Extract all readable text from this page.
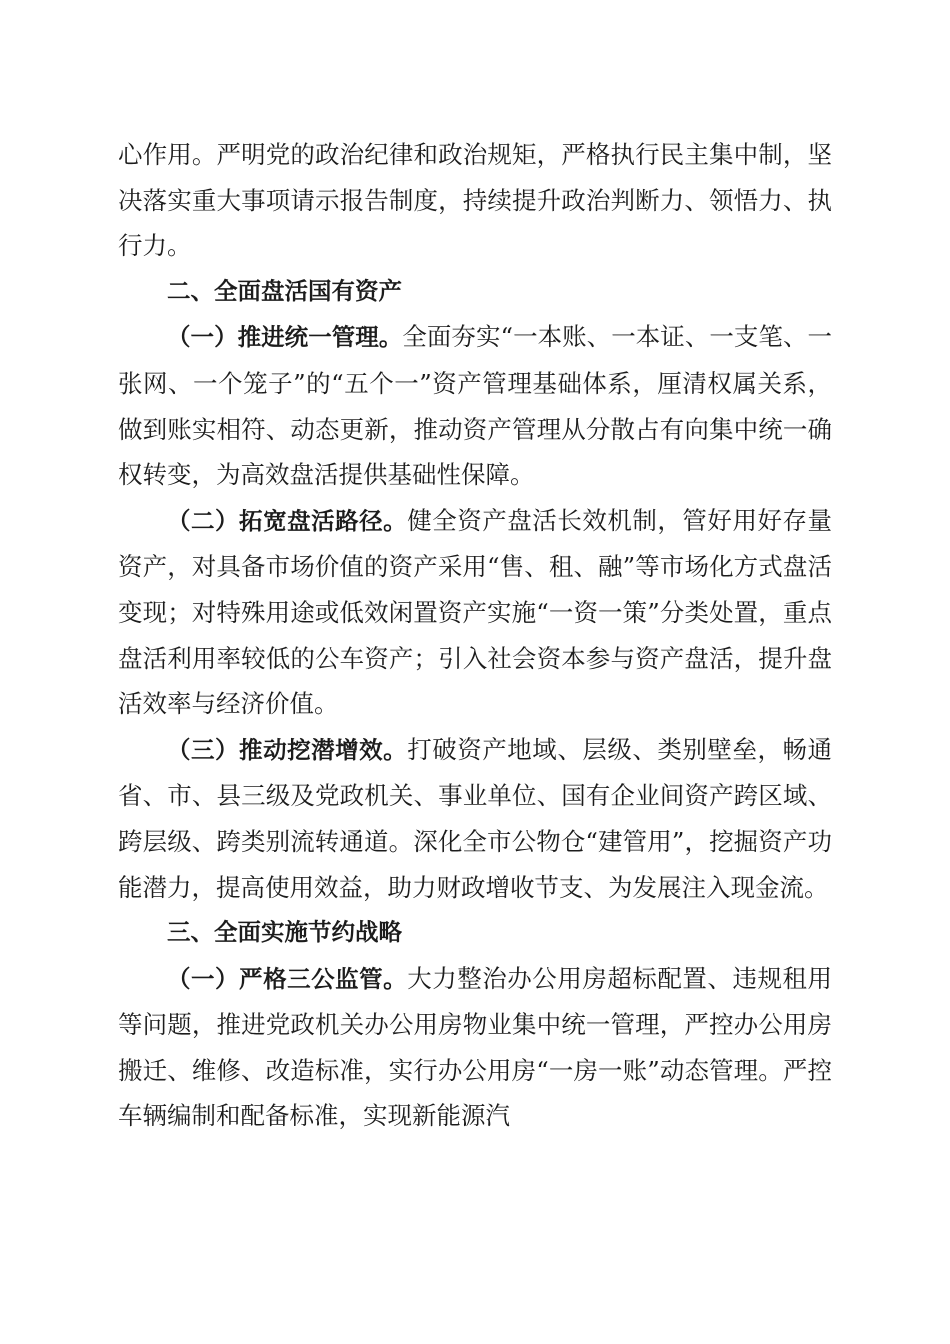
心作用。严明党的政治纪律和政治规矩，严格执行民主集中制，坚决落实重大事项请示报告制度，持续提升政治判断力、领悟力、执行力。

二、全面盘活国有资产

（一）推进统一管理。全面夯实“一本账、一本证、一支笔、一张网、一个笼子”的“五个一”资产管理基础体系，厘清权属关系，做到账实相符、动态更新，推动资产管理从分散占有向集中统一确权转变，为高效盘活提供基础性保障。

（二）拓宽盘活路径。健全资产盘活长效机制，管好用好存量资产，对具备市场价值的资产采用“售、租、融”等市场化方式盘活变现；对特殊用途或低效闲置资产实施“一资一策”分类处置，重点盘活利用率较低的公车资产；引入社会资本参与资产盘活，提升盘活效率与经济价值。

（三）推动挖潜增效。打破资产地域、层级、类别壁垒，畅通省、市、县三级及党政机关、事业单位、国有企业间资产跨区域、跨层级、跨类别流转通道。深化全市公物仓“建管用”，挖掘资产功能潜力，提高使用效益，助力财政增收节支、为发展注入现金流。

三、全面实施节约战略

（一）严格三公监管。大力整治办公用房超标配置、违规租用等问题，推进党政机关办公用房物业集中统一管理，严控办公用房搬迁、维修、改造标准，实行办公用房“一房一账”动态管理。严控车辆编制和配备标准，实现新能源汽
